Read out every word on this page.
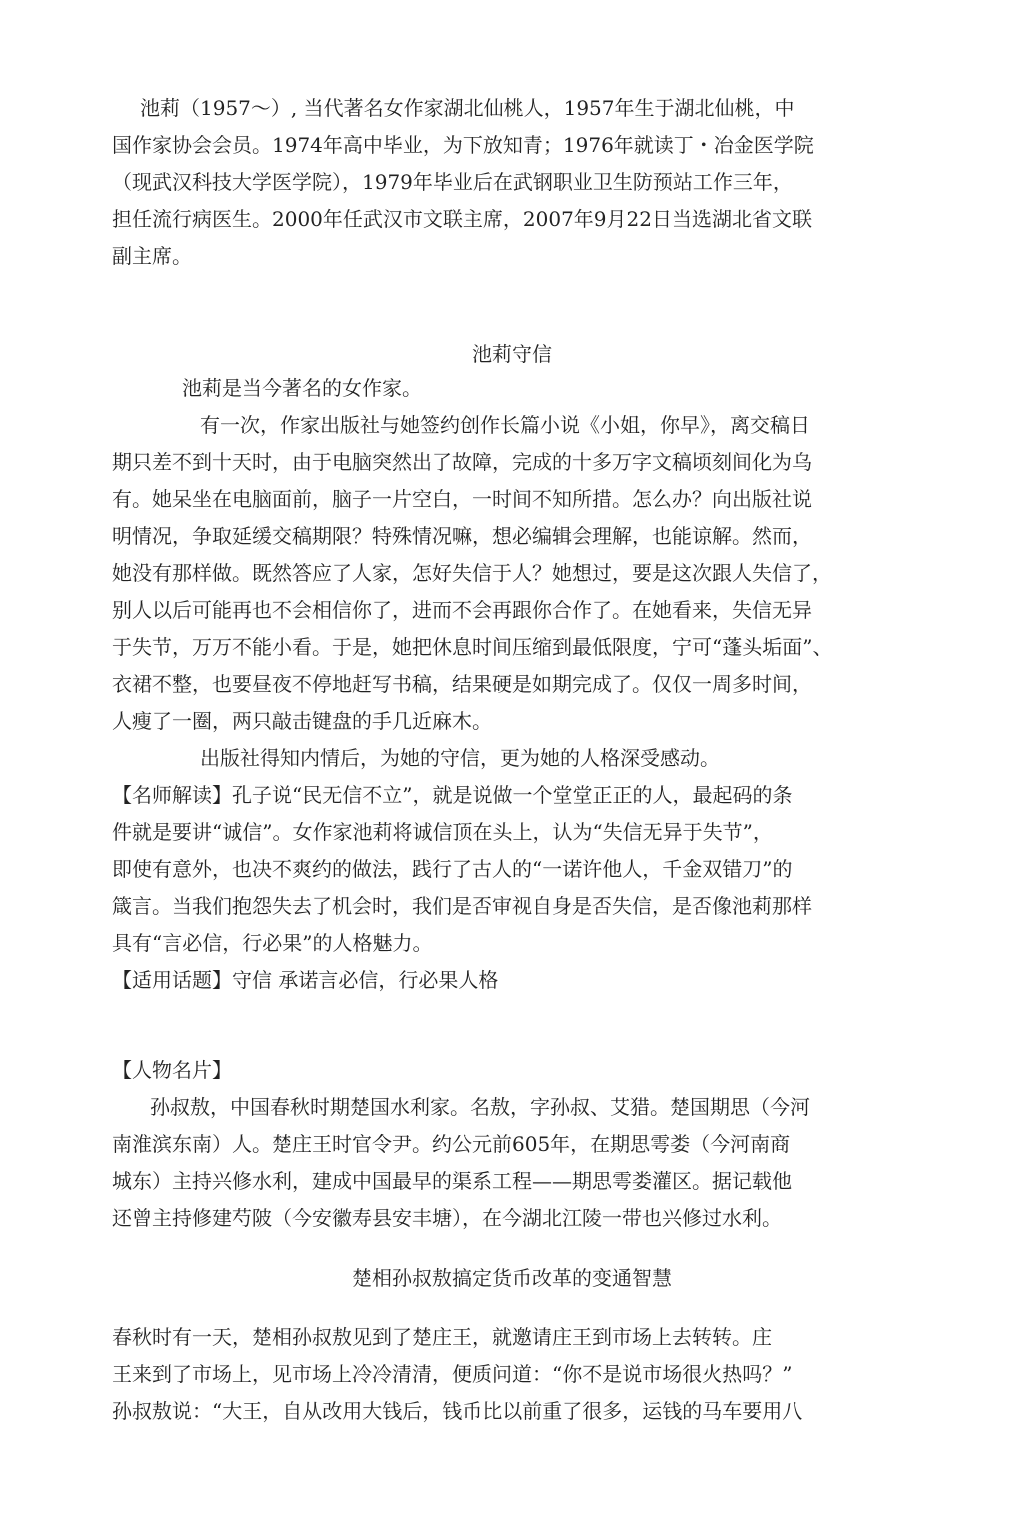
池莉（1957～）, 当代著名女作家湖北仙桃人，1957年生于湖北仙桃，中

国作家协会会员。1974年高中毕业，为下放知青；1976年就读丁・冶金医学院

（现武汉科技大学医学院），1979年毕业后在武钢职业卫生防预站工作三年，

担任流行病医生。2000年任武汉市文联主席，2007年9月22日当选湖北省文联

副主席。

池莉守信

池莉是当今著名的女作家。

有一次，作家出版社与她签约创作长篇小说《小姐，你早》，离交稿日

期只差不到十天时，由于电脑突然出了故障，完成的十多万字文稿顷刻间化为乌

有。她呆坐在电脑面前，脑子一片空白，一时间不知所措。怎么办？向出版社说

明情况，争取延缓交稿期限？特殊情况嘛，想必编辑会理解，也能谅解。然而，

她没有那样做。既然答应了人家，怎好失信于人？她想过，要是这次跟人失信了，

别人以后可能再也不会相信你了，进而不会再跟你合作了。在她看来，失信无异

于失节，万万不能小看。于是，她把休息时间压缩到最低限度，宁可“蓬头垢面”、

衣裙不整，也要昼夜不停地赶写书稿，结果硬是如期完成了。仅仅一周多时间，

人瘦了一圈，两只敲击键盘的手几近麻木。

出版社得知内情后，为她的守信，更为她的人格深受感动。

【名师解读】孔子说“民无信不立”，就是说做一个堂堂正正的人，最起码的条

件就是要讲“诚信”。女作家池莉将诚信顶在头上，认为“失信无异于失节”，

即使有意外，也决不爽约的做法，践行了古人的“一诺许他人，千金双错刀”的

箴言。当我们抱怨失去了机会时，我们是否审视自身是否失信，是否像池莉那样

具有“言必信，行必果”的人格魅力。

【适用话题】守信 承诺言必信，行必果人格

【人物名片】

孙叔敖，中国春秋时期楚国水利家。名敖，字孙叔、艾猎。楚国期思（今河

南淮滨东南）人。楚庄王时官令尹。约公元前605年，在期思雩娄（今河南商

城东）主持兴修水利，建成中国最早的渠系工程——期思雩娄灌区。据记载他

还曾主持修建芍陂（今安徽寿县安丰塘），在今湖北江陵一带也兴修过水利。

楚相孙叔敖搞定货币改革的变通智慧

春秋时有一天，楚相孙叔敖见到了楚庄王，就邀请庄王到市场上去转转。庄

王来到了市场上，见市场上冷冷清清，便质问道：“你不是说市场很火热吗？”

孙叔敖说：“大王，自从改用大钱后，钱币比以前重了很多，运钱的马车要用八
